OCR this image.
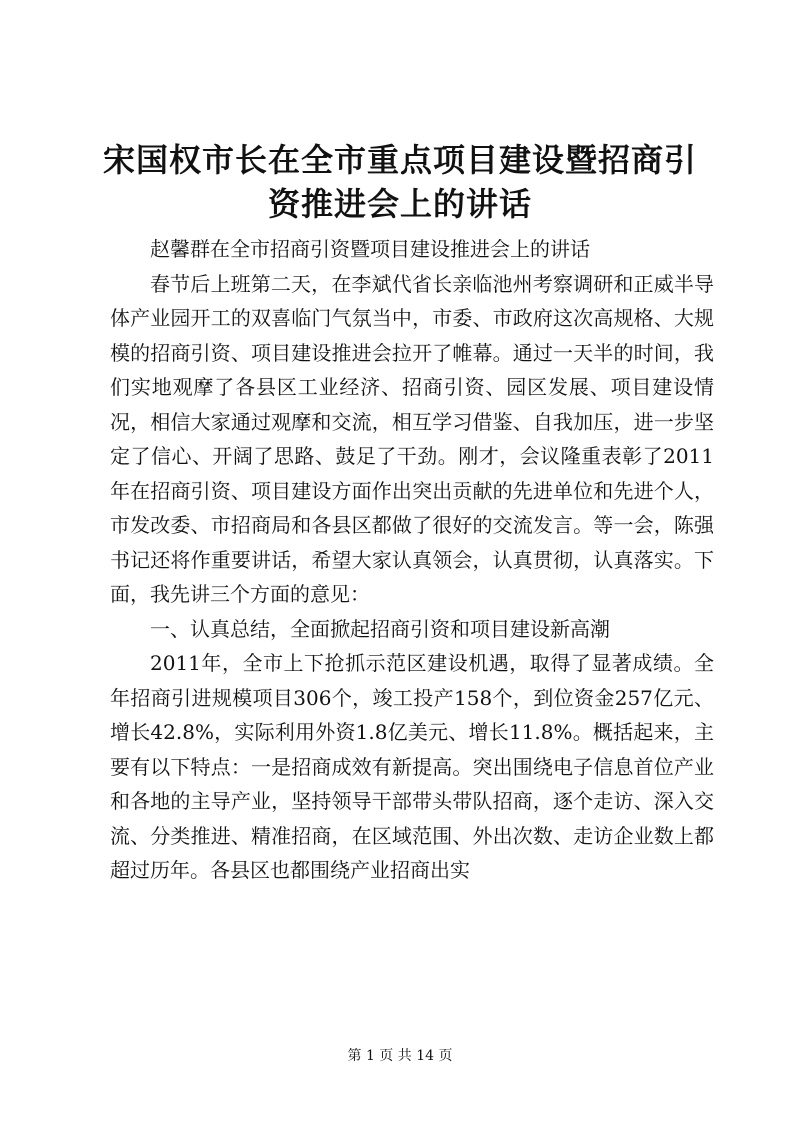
宋国权市长在全市重点项目建设暨招商引资推进会上的讲话

赵馨群在全市招商引资暨项目建设推进会上的讲话

春节后上班第二天，在李斌代省长亲临池州考察调研和正威半导体产业园开工的双喜临门气氛当中，市委、市政府这次高规格、大规模的招商引资、项目建设推进会拉开了帷幕。通过一天半的时间，我们实地观摩了各县区工业经济、招商引资、园区发展、项目建设情况，相信大家通过观摩和交流，相互学习借鉴、自我加压，进一步坚定了信心、开阔了思路、鼓足了干劲。刚才，会议隆重表彰了2011年在招商引资、项目建设方面作出突出贡献的先进单位和先进个人，市发改委、市招商局和各县区都做了很好的交流发言。等一会，陈强书记还将作重要讲话，希望大家认真领会，认真贯彻，认真落实。下面，我先讲三个方面的意见：

一、认真总结，全面掀起招商引资和项目建设新高潮

2011年，全市上下抢抓示范区建设机遇，取得了显著成绩。全年招商引进规模项目306个，竣工投产158个，到位资金257亿元、增长42.8%，实际利用外资1.8亿美元、增长11.8%。概括起来，主要有以下特点：一是招商成效有新提高。突出围绕电子信息首位产业和各地的主导产业，坚持领导干部带头带队招商，逐个走访、深入交流、分类推进、精准招商，在区域范围、外出次数、走访企业数上都超过历年。各县区也都围绕产业招商出实

第 1 页 共 14 页
